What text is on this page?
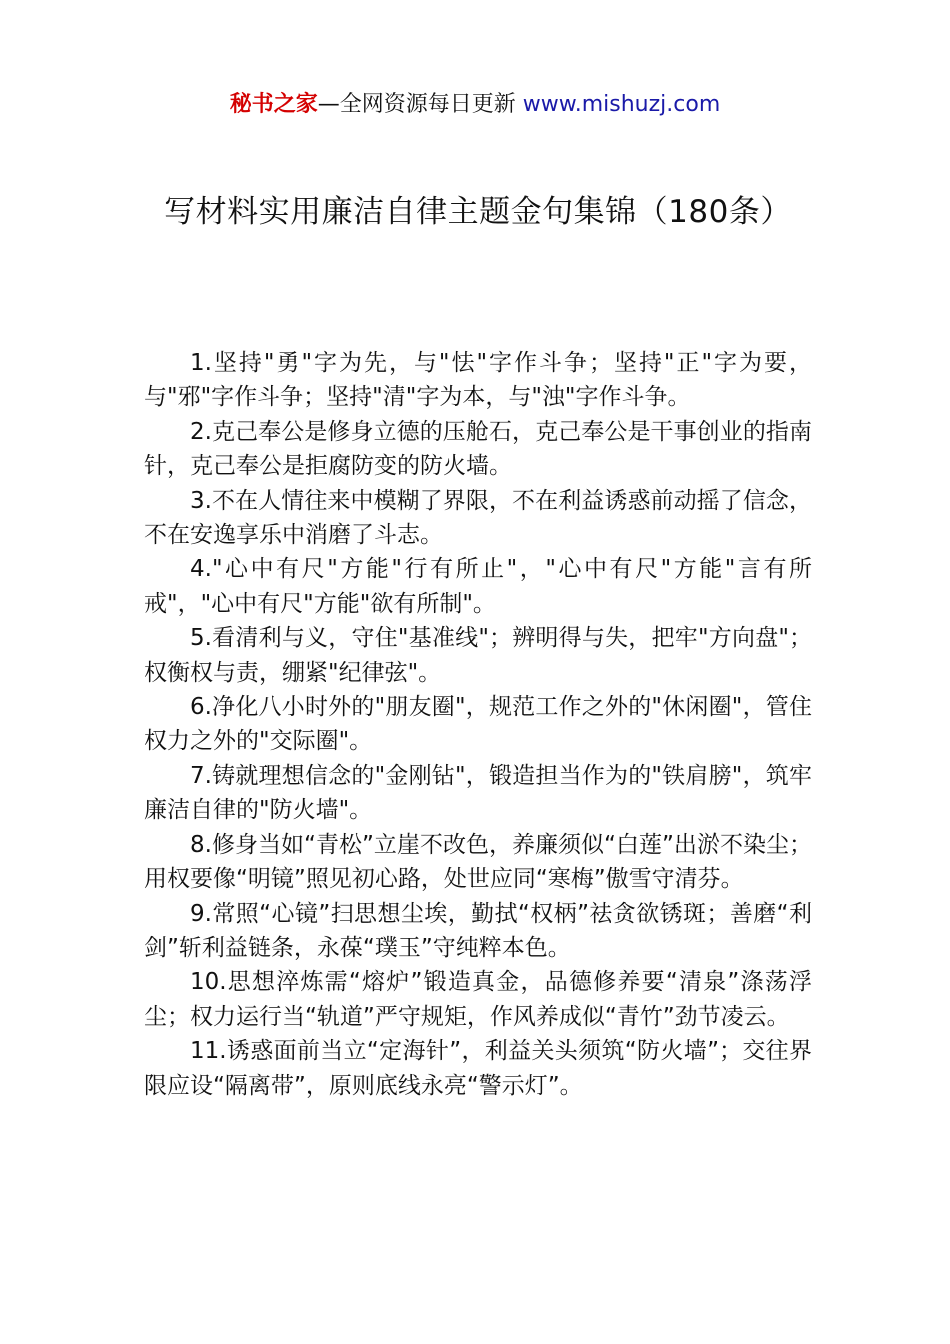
秘书之家—全网资源每日更新 www.mishuzj.com
写材料实用廉洁自律主题金句集锦（180条）

1.坚持"勇"字为先，与"怯"字作斗争；坚持"正"字为要，与"邪"字作斗争；坚持"清"字为本，与"浊"字作斗争。

2.克己奉公是修身立德的压舱石，克己奉公是干事创业的指南针，克己奉公是拒腐防变的防火墙。

3.不在人情往来中模糊了界限，不在利益诱惑前动摇了信念，不在安逸享乐中消磨了斗志。

4."心中有尺"方能"行有所止"，"心中有尺"方能"言有所戒"，"心中有尺"方能"欲有所制"。

5.看清利与义，守住"基准线"；辨明得与失，把牢"方向盘"；权衡权与责，绷紧"纪律弦"。

6.净化八小时外的"朋友圈"，规范工作之外的"休闲圈"，管住权力之外的"交际圈"。

7.铸就理想信念的"金刚钻"，锻造担当作为的"铁肩膀"，筑牢廉洁自律的"防火墙"。

8.修身当如“青松”立崖不改色，养廉须似“白莲”出淤不染尘；用权要像“明镜”照见初心路，处世应同“寒梅”傲雪守清芬。

9.常照“心镜”扫思想尘埃，勤拭“权柄”祛贪欲锈斑；善磨“利剑”斩利益链条，永葆“璞玉”守纯粹本色。

10.思想淬炼需“熔炉”锻造真金，品德修养要“清泉”涤荡浮尘；权力运行当“轨道”严守规矩，作风养成似“青竹”劲节凌云。

11.诱惑面前当立“定海针”，利益关头须筑“防火墙”；交往界限应设“隔离带”，原则底线永亮“警示灯”。
